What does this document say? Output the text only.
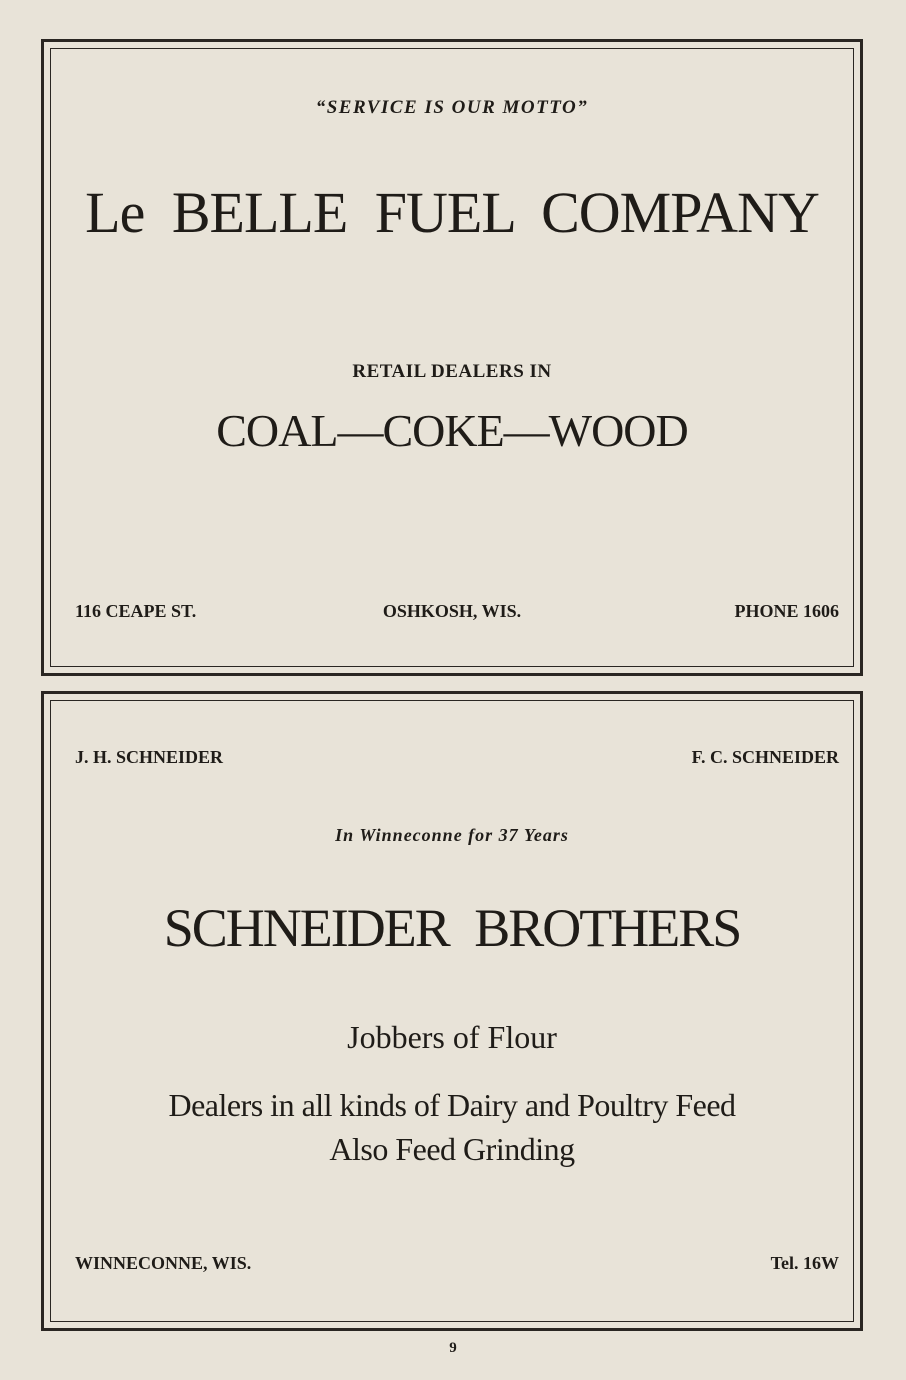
“SERVICE IS OUR MOTTO”
Le BELLE FUEL COMPANY
RETAIL DEALERS IN
COAL—COKE—WOOD
116 CEAPE ST.	OSHKOSH, WIS.	PHONE 1606
J. H. SCHNEIDER	F. C. SCHNEIDER
In Winneconne for 37 Years
SCHNEIDER BROTHERS
Jobbers of Flour
Dealers in all kinds of Dairy and Poultry Feed
Also Feed Grinding
WINNECONNE, WIS.	Tel. 16W
9
